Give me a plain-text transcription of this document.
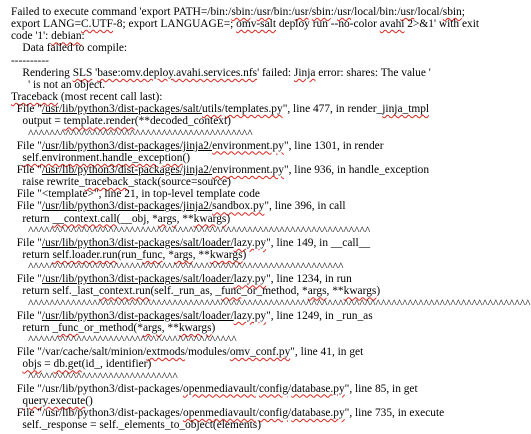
Failed to execute command 'export PATH=/bin:/sbin:/usr/bin:/usr/sbin:/usr/local/bin:/usr/local/sbin;
export LANG=C.UTF-8; export LANGUAGE=; omv-salt deploy run --no-color avahi 2>&1' with exit
code '1': debian:
Data failed to compile:
----------
Rendering SLS 'base:omv.deploy.avahi.services.nfs' failed: Jinja error: shares: The value '
' is not an object.
Traceback (most recent call last):
File "/usr/lib/python3/dist-packages/salt/utils/templates.py", line 477, in render_jinja_tmpl
output = template.render(**decoded_context)
^^^^^^^^^^^^^^^^^^^^^^^^^^^^^^^^^^^^^^^^^^
File "/usr/lib/python3/dist-packages/jinja2/environment.py", line 1301, in render
self.environment.handle_exception()
File "/usr/lib/python3/dist-packages/jinja2/environment.py", line 936, in handle_exception
raise rewrite_traceback_stack(source=source)
File "<template>", line 21, in top-level template code
File "/usr/lib/python3/dist-packages/jinja2/sandbox.py", line 396, in call
return __context.call(__obj, *args, **kwargs)
^^^^^^^^^^^^^^^^^^^^^^^^^^^^^^^^^^^^^^^^^^^^^^^^^^^^^^^^^^^^^^^^
File "/usr/lib/python3/dist-packages/salt/loader/lazy.py", line 149, in __call__
return self.loader.run(run_func, *args, **kwargs)
^^^^^^^^^^^^^^^^^^^^^^^^^^^^^^^^^^^^^^^^^^^^^^^^^^^^^^^^^^^
File "/usr/lib/python3/dist-packages/salt/loader/lazy.py", line 1234, in run
return self._last_context.run(self._run_as, _func_or_method, *args, **kwargs)
^^^^^^^^^^^^^^^^^^^^^^^^^^^^^^^^^^^^^^^^^^^^^^^^^^^^^^^^^^^^^^^^^^^^^^^^^^^^^^^^^^^^^^^^^^^^^^
File "/usr/lib/python3/dist-packages/salt/loader/lazy.py", line 1249, in _run_as
return _func_or_method(*args, **kwargs)
^^^^^^^^^^^^^^^^^^^^^^^^^^^^^^^^^^^^^^^
File "/var/cache/salt/minion/extmods/modules/omv_conf.py", line 41, in get
objs = db.get(id_, identifier)
^^^^^^^^^^^^^^^^^^^^^^^^^^^^
File "/usr/lib/python3/dist-packages/openmediavault/config/database.py", line 85, in get
query.execute()
File "/usr/lib/python3/dist-packages/openmediavault/config/database.py", line 735, in execute
self._response = self._elements_to_object(elements)
